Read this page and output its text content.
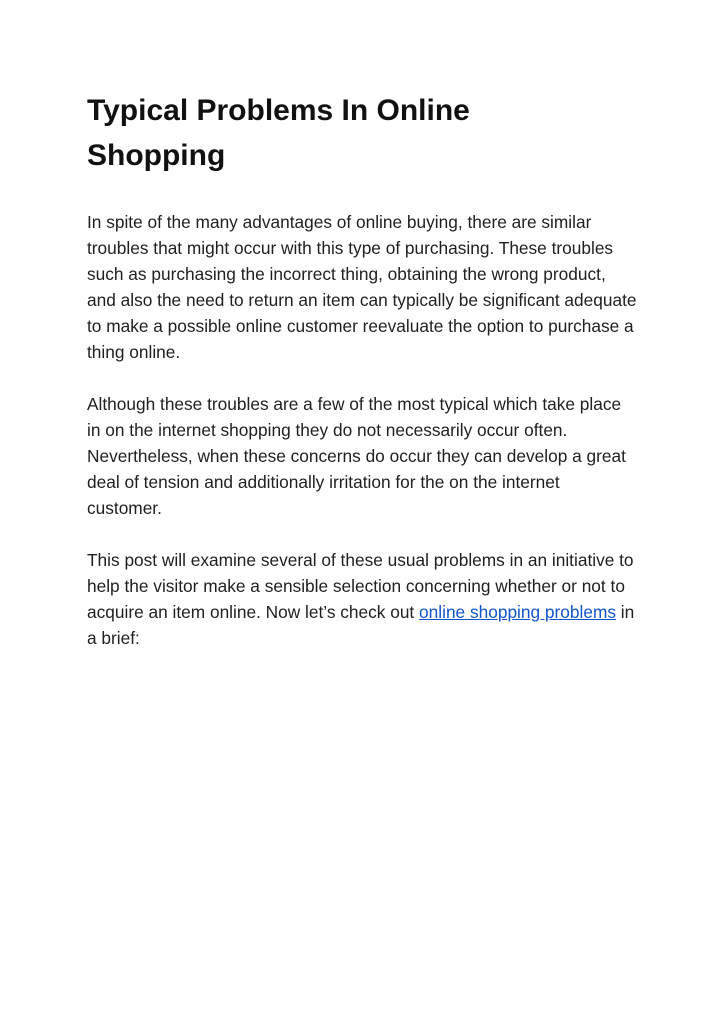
Typical Problems In Online Shopping

In spite of the many advantages of online buying, there are similar troubles that might occur with this type of purchasing. These troubles such as purchasing the incorrect thing, obtaining the wrong product, and also the need to return an item can typically be significant adequate to make a possible online customer reevaluate the option to purchase a thing online.

Although these troubles are a few of the most typical which take place in on the internet shopping they do not necessarily occur often. Nevertheless, when these concerns do occur they can develop a great deal of tension and additionally irritation for the on the internet customer.

This post will examine several of these usual problems in an initiative to help the visitor make a sensible selection concerning whether or not to acquire an item online. Now let’s check out online shopping problems in a brief:
